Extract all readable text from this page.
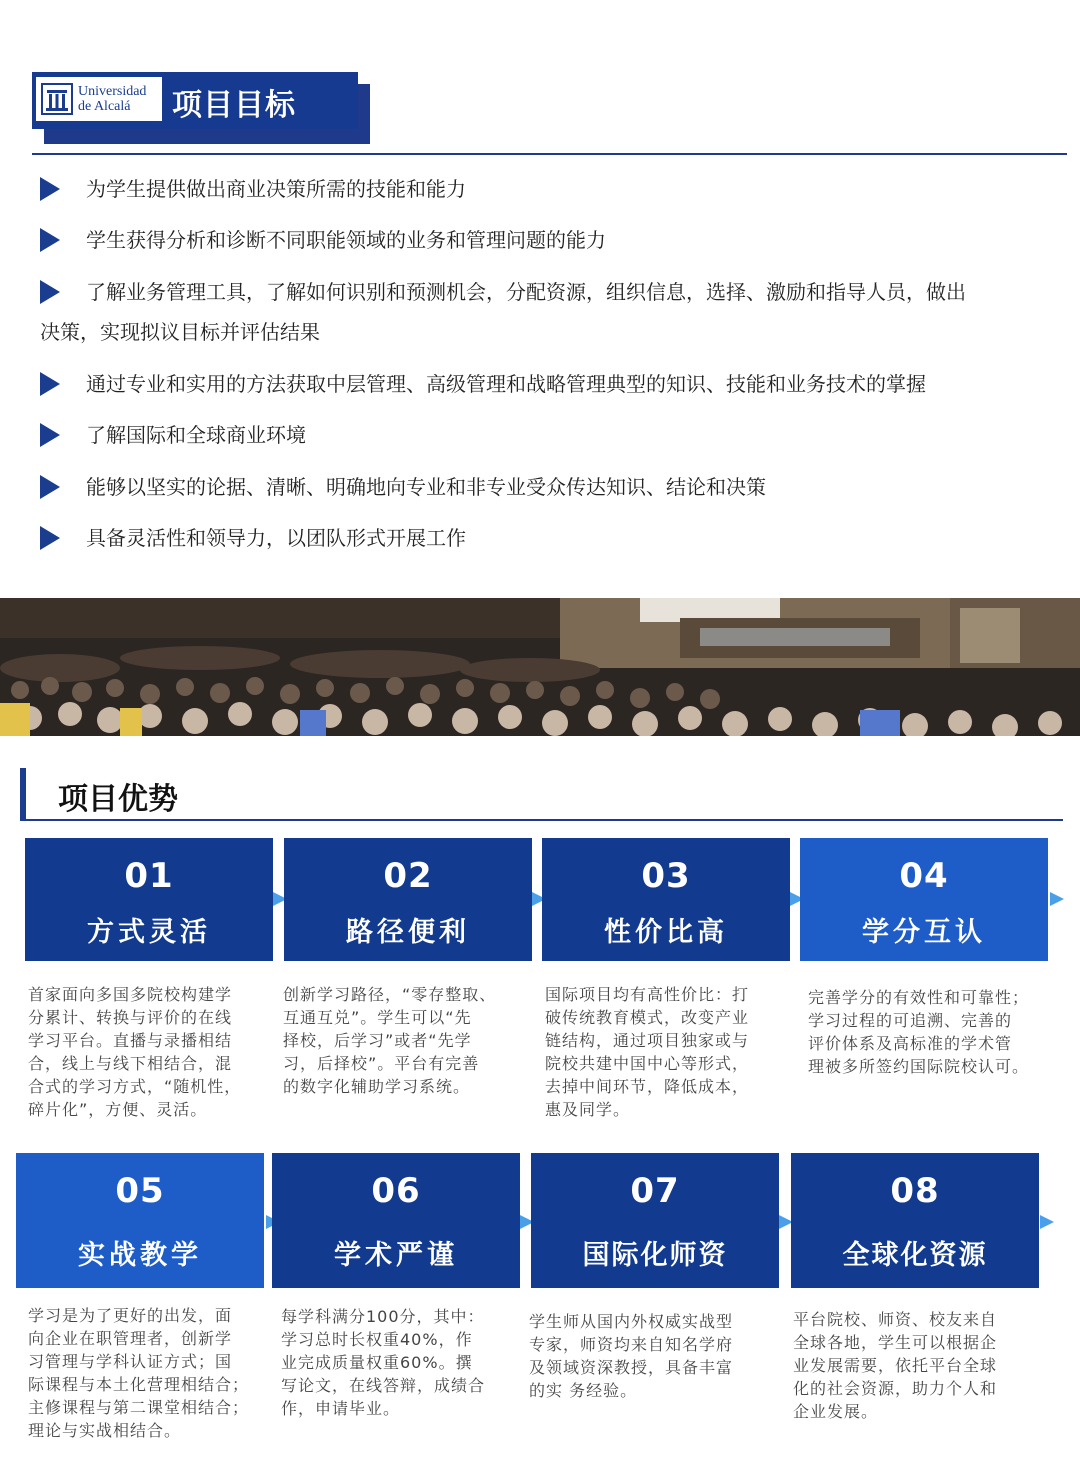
Universidad
de Alcalá	项目目标
为学生提供做出商业决策所需的技能和能力
学生获得分析和诊断不同职能领域的业务和管理问题的能力
了解业务管理工具，了解如何识别和预测机会，分配资源，组织信息，选择、激励和指导人员，做出
决策，实现拟议目标并评估结果
通过专业和实用的方法获取中层管理、高级管理和战略管理典型的知识、技能和业务技术的掌握
了解国际和全球商业环境
能够以坚实的论据、清晰、明确地向专业和非专业受众传达知识、结论和决策
具备灵活性和领导力，以团队形式开展工作
项目优势
01
方式灵活
02
路径便利
03
性价比高
04
学分互认
首家面向多国多院校构建学
分累计、转换与评价的在线
学习平台。直播与录播相结
合，线上与线下相结合，混
合式的学习方式，“随机性，
碎片化”，方便、灵活。
创新学习路径，“零存整取、
互通互兑”。学生可以“先
择校，后学习”或者“先学
习，后择校”。平台有完善
的数字化辅助学习系统。
国际项目均有高性价比：打
破传统教育模式，改变产业
链结构，通过项目独家或与
院校共建中国中心等形式，
去掉中间环节，降低成本，
惠及同学。
完善学分的有效性和可靠性；
学习过程的可追溯、完善的
评价体系及高标准的学术管
理被多所签约国际院校认可。
05
实战教学
06
学术严谨
07
国际化师资
08
全球化资源
学习是为了更好的出发，面
向企业在职管理者，创新学
习管理与学科认证方式；国
际课程与本土化营理相结合；
主修课程与第二课堂相结合；
理论与实战相结合。
每学科满分100分，其中：
学习总时长权重40%，作
业完成质量权重60%。撰
写论文，在线答辩，成绩合
作，申请毕业。
学生师从国内外权威实战型
专家，师资均来自知名学府
及领域资深教授，具备丰富
的实 务经验。
平台院校、师资、校友来自
全球各地，学生可以根据企
业发展需要，依托平台全球
化的社会资源，助力个人和
企业发展。
